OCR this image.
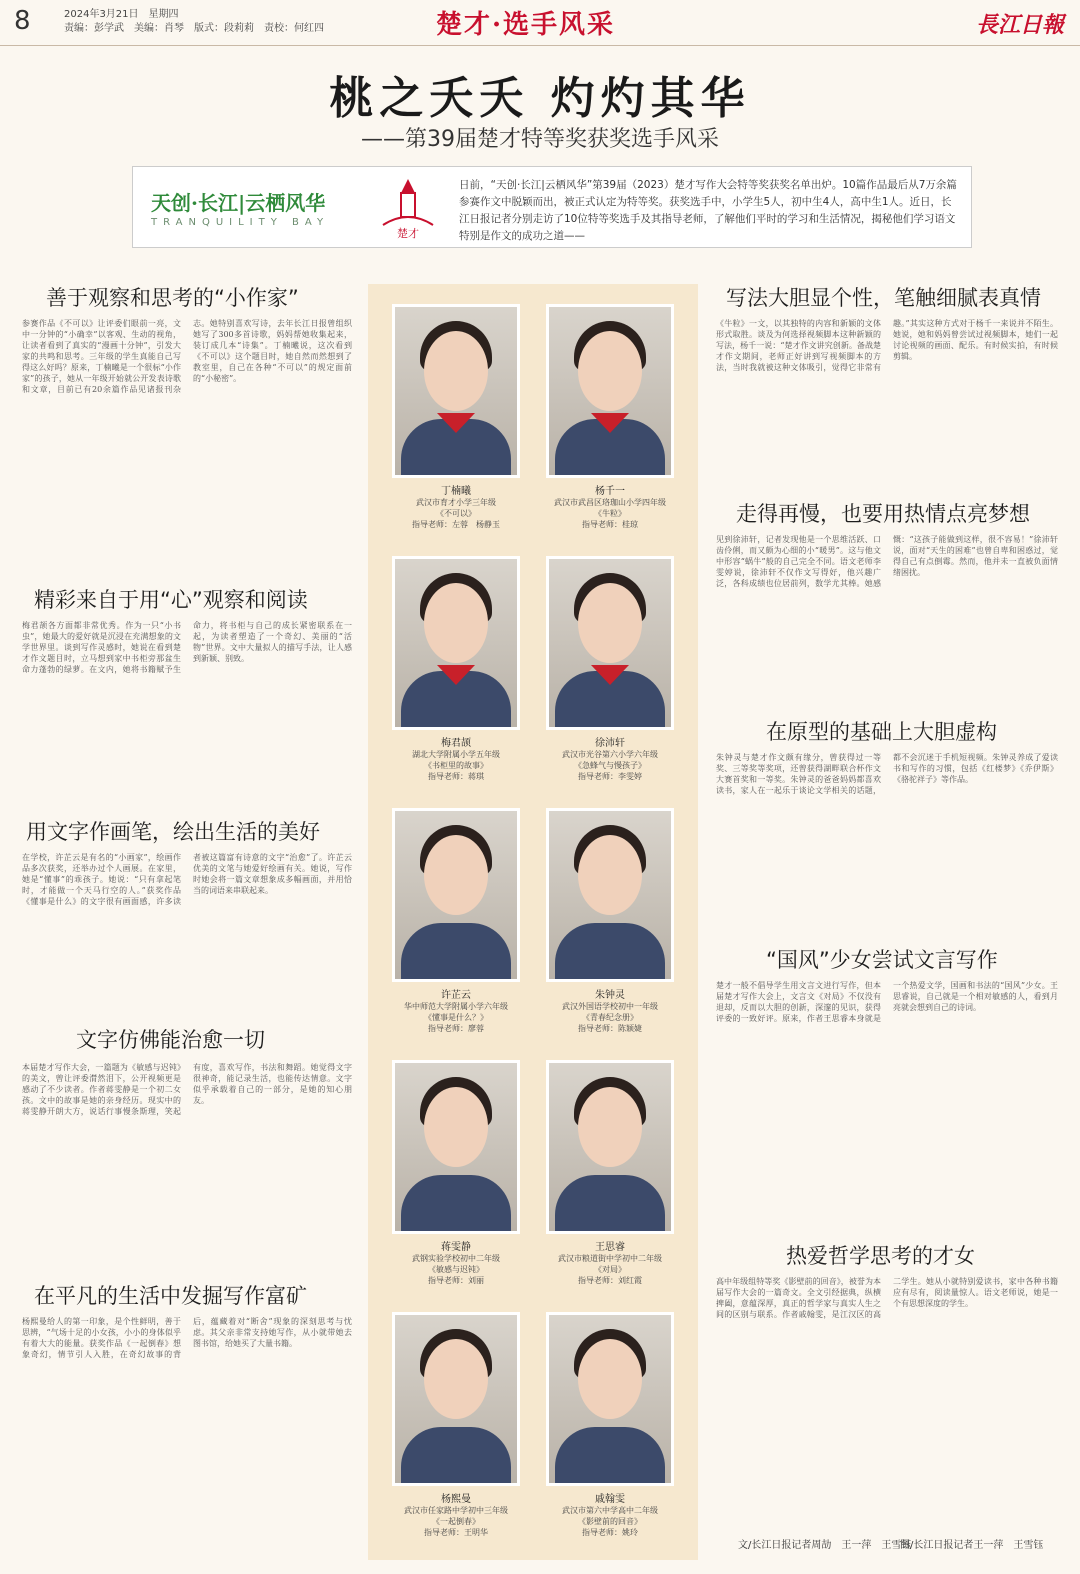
8	2024年3月21日　 星期四
责编：彭学武　美编：肖琴　版式：段莉莉　责校：何红四	楚才·选手风采	長江日報
桃之夭夭 灼灼其华
——第39届楚才特等奖获奖选手风采
天创·长江|云栖风华
TRANQUILITY BAY
楚才
日前，“天创·长江|云栖风华”第39届（2023）楚才写作大会特等奖获奖名单出炉。10篇作品最后从7万余篇参赛作文中脱颖而出，被正式认定为特等奖。获奖选手中，小学生5人，初中生4人，高中生1人。近日，长江日报记者分别走访了10位特等奖选手及其指导老师，了解他们平时的学习和生活情况，揭秘他们学习语文特别是作文的成功之道——
善于观察和思考的“小作家”
参赛作品《不可以》让评委们眼前一亮，文中一分钟的“小确幸”以客观、生动的视角，让读者看到了真实的“漫画十分钟”，引发大家的共鸣和思考。三年级的学生真能自己写得这么好吗？原来，丁楠曦是一个很标“小作家”的孩子，她从一年级开始就公开发表诗歌和文章，目前已有20余篇作品见诸报刊杂志。她特别喜欢写诗，去年长江日报曾组织她写了300多首诗歌，妈妈帮她收集起来，装订成几本“诗集”。丁楠曦说，这次看到《不可以》这个题目时，她自然而然想到了教室里，自己在各种“不可以”的规定面前的“小秘密”。
精彩来自于用“心”观察和阅读
梅君颉各方面都非常优秀。作为一只“小书虫”，她最大的爱好就是沉浸在充满想象的文学世界里。谈到写作灵感时，她说在看到楚才作文题目时，立马想到家中书柜旁那盆生命力蓬勃的绿萝。在文内，她将书籍赋予生命力，将书柜与自己的成长紧密联系在一起，为读者塑造了一个奇幻、美丽的“活物”世界。文中大量拟人的描写手法，让人感到新颖、别致。
用文字作画笔，绘出生活的美好
在学校，许芷云是有名的“小画家”，绘画作品多次获奖，还举办过个人画展。在家里，她是“懂事”的乖孩子。她说：“只有拿起笔时，才能做一个天马行空的人。”获奖作品《懂事是什么》的文字很有画面感，许多读者被这篇富有诗意的文字“治愈”了。许芷云优美的文笔与她爱好绘画有关。她说，写作时她会将一篇文章想象成多幅画面，并用恰当的词语来串联起来。
文字仿佛能治愈一切
本届楚才写作大会，一篇题为《敏感与迟钝》的美文，曾让评委潸然泪下，公开视频更是感动了不少读者。作者蒋雯静是一个初二女孩。文中的故事是她的亲身经历。现实中的蒋雯静开朗大方，说话行事慢条斯理，笑起有度，喜欢写作，书法和舞蹈。她觉得文字很神奇，能记录生活，也能传达情意。文字似乎承载着自己的一部分，是她的知心朋友。
在平凡的生活中发掘写作富矿
杨熙曼给人的第一印象，是个性鲜明，善于思辨，“气场十足的小女孩，小小的身体似乎有着大大的能量。获奖作品《一起倒春》想象奇幻，情节引人入胜，在奇幻故事的背后，蕴藏着对“断舍”现象的深刻思考与忧虑。其父亲非常支持她写作，从小就带她去图书馆，给她买了大量书籍。
写法大胆显个性，笔触细腻表真情
《牛粒》一文，以其独特的内容和新颖的文体形式取胜。谈及为何选择视频脚本这种新颖的写法，杨千一说：“楚才作文讲究创新。备战楚才作文期间，老师正好讲到写视频脚本的方法，当时我就被这种文体吸引，觉得它非常有趣。”其实这种方式对于杨千一来说并不陌生。她说，她和妈妈曾尝试过视频脚本，她们一起讨论视频的画面、配乐。有时候实拍，有时候剪辑。
走得再慢，也要用热情点亮梦想
见到徐沛轩，记者发现他是一个思维活跃、口齿伶俐，而又颇为心细的小“暖男”。这与他文中形容“蜗牛”般的自己完全不同。语文老师李雯婷说，徐沛轩不仅作文写得好，他兴趣广泛，各科成绩也位居前列，数学尤其棒。她感慨：“这孩子能做到这样，很不容易！”徐沛轩说，面对“天生的困难”也曾自卑和困惑过，觉得自己有点倒霉。然而，他并未一直被负面情绪困扰。
在原型的基础上大胆虚构
朱钟灵与楚才作文颇有缘分，曾获得过一等奖、三等奖等奖项，还曾获得湖畔联合杯作文大赛首奖和一等奖。朱钟灵的爸爸妈妈都喜欢读书，家人在一起乐于谈论文学相关的话题，都不会沉迷于手机短视频。朱钟灵养成了爱读书和写作的习惯，包括《红楼梦》《乔伊斯》《骆驼祥子》等作品。
“国风”少女尝试文言写作
楚才一般不倡导学生用文言文进行写作，但本届楚才写作大会上，文言文《对局》不仅没有退却，反而以大胆的创新，深邃的见识，获得评委的一致好评。原来，作者王思睿本身就是一个热爱文学，国画和书法的“国风”少女。王思睿说，自己就是一个相对敏感的人，看到月亮就会想到自己的诗词。
热爱哲学思考的才女
高中年级组特等奖《影壁前的回音》，被誉为本届写作大会的一篇奇文。全文引经据典，纵横捭阖，意蕴深厚，真正的哲学家与真实人生之间的区别与联系。作者戚翰雯，是江汉区的高二学生。她从小就特别爱读书，家中各种书籍应有尽有，阅读量惊人。语文老师说，她是一个有思想深度的学生。
文/长江日报记者周劼　王一萍　王雪钰
图/长江日报记者王一萍　王雪钰
丁楠曦
武汉市育才小学三年级
《不可以》
指导老师：左蓉　杨静玉
杨千一
武汉市武昌区珞珈山小学四年级
《牛粒》
指导老师：桂琼
梅君颉
湖北大学附属小学五年级
《书柜里的故事》
指导老师：蒋琪
徐沛轩
武汉市光谷第六小学六年级
《急蜂气与慢孩子》
指导老师：李雯婷
许芷云
华中师范大学附属小学六年级
《懂事是什么？》
指导老师：廖蓉
朱钟灵
武汉外国语学校初中一年级
《青春纪念册》
指导老师：陈颖婕
蒋雯静
武钢实验学校初中二年级
《敏感与迟钝》
指导老师：刘丽
王思睿
武汉市粮道街中学初中二年级
《对局》
指导老师：刘红霞
杨熙曼
武汉市任家路中学初中三年级
《一起倒春》
指导老师：王明华
戚翰雯
武汉市第六中学高中二年级
《影壁前的回音》
指导老师：姚玲
